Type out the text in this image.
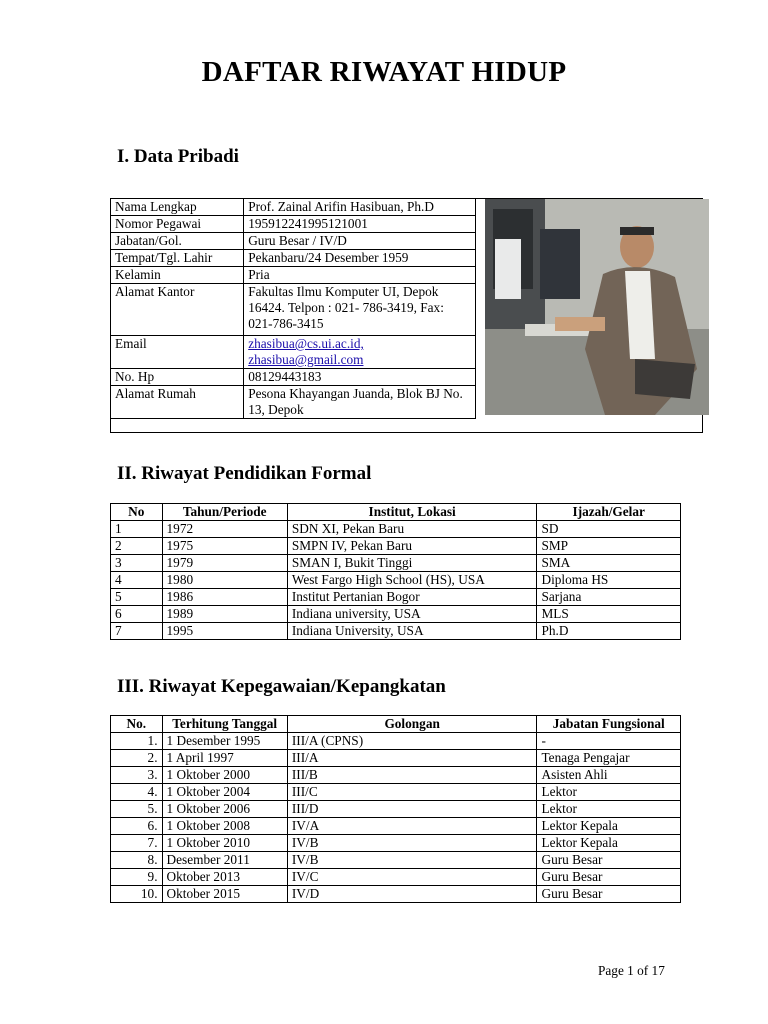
DAFTAR RIWAYAT HIDUP
I. Data Pribadi
Nama Lengkap	Prof. Zainal Arifin Hasibuan, Ph.D
Nomor Pegawai	195912241995121001
Jabatan/Gol.	Guru Besar / IV/D
Tempat/Tgl. Lahir	Pekanbaru/24 Desember 1959
Kelamin	Pria
Alamat Kantor	Fakultas Ilmu Komputer UI, Depok 16424. Telpon : 021- 786-3419, Fax: 021-786-3415
Email	zhasibua@cs.ui.ac.id,
zhasibua@gmail.com

No. Hp	08129443183
Alamat Rumah	Pesona Khayangan Juanda, Blok BJ No. 13, Depok
II. Riwayat Pendidikan Formal
No	Tahun/Periode	Institut, Lokasi	Ijazah/Gelar
1	1972	SDN XI, Pekan Baru	SD
2	1975	SMPN IV, Pekan Baru	SMP
3	1979	SMAN I, Bukit Tinggi	SMA
4	1980	West Fargo High School (HS), USA	Diploma HS
5	1986	Institut Pertanian Bogor	Sarjana
6	1989	Indiana university, USA	MLS
7	1995	Indiana University, USA	Ph.D
III. Riwayat Kepegawaian/Kepangkatan
No.	Terhitung Tanggal	Golongan	Jabatan Fungsional
1.	1 Desember 1995	III/A (CPNS)	-
2.	1 April 1997	III/A	Tenaga Pengajar
3.	1 Oktober 2000	III/B	Asisten Ahli
4.	1 Oktober 2004	III/C	Lektor
5.	1 Oktober 2006	III/D	Lektor
6.	1 Oktober 2008	IV/A	Lektor Kepala
7.	1 Oktober 2010	IV/B	Lektor Kepala
8.	Desember 2011	IV/B	Guru Besar
9.	Oktober 2013	IV/C	Guru Besar
10.	Oktober 2015	IV/D	Guru Besar
Page 1 of 17
